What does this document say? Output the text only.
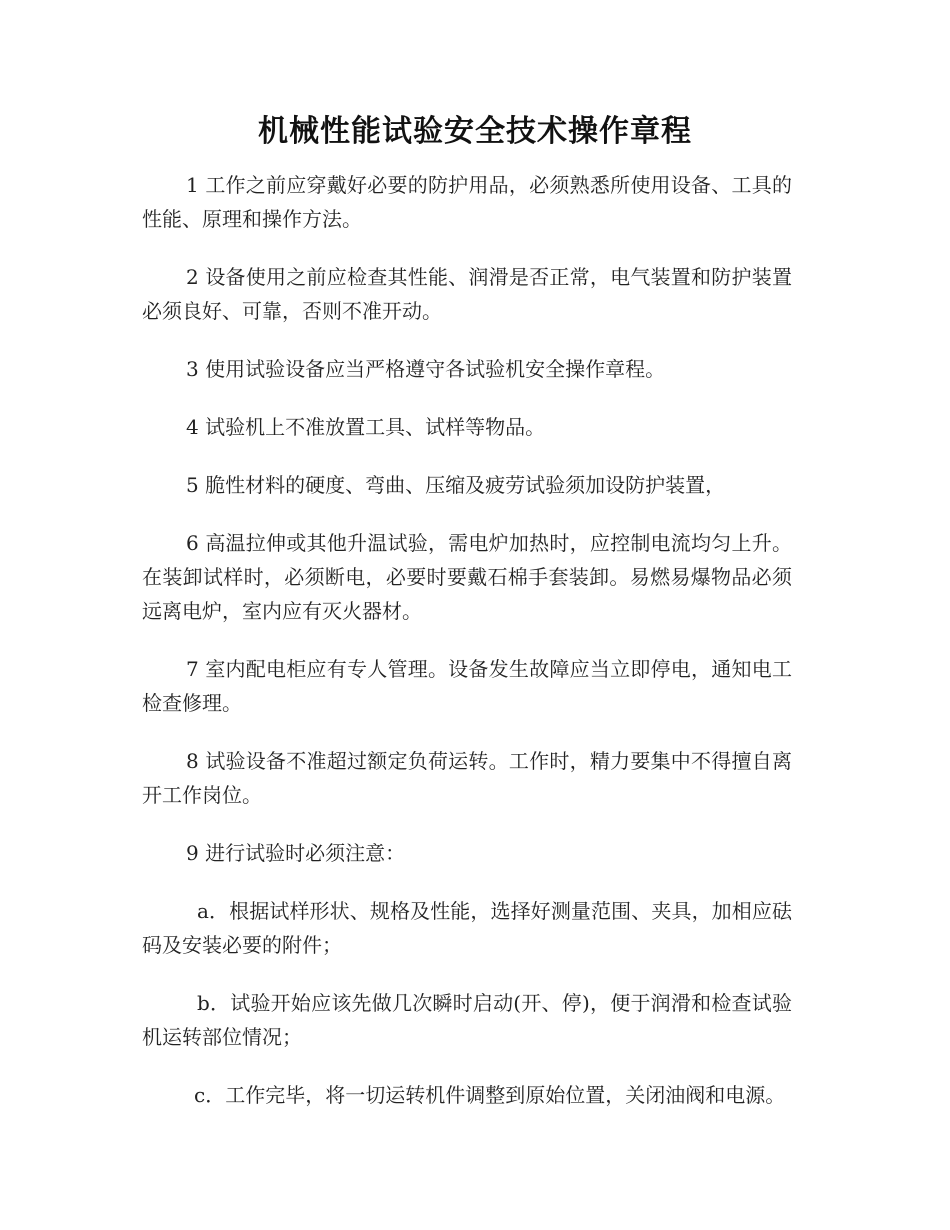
机械性能试验安全技术操作章程

1 工作之前应穿戴好必要的防护用品，必须熟悉所使用设备、工具的性能、原理和操作方法。

2 设备使用之前应检查其性能、润滑是否正常，电气装置和防护装置必须良好、可靠，否则不准开动。

3 使用试验设备应当严格遵守各试验机安全操作章程。

4 试验机上不准放置工具、试样等物品。

5 脆性材料的硬度、弯曲、压缩及疲劳试验须加设防护装置，

6 高温拉伸或其他升温试验，需电炉加热时，应控制电流均匀上升。在装卸试样时，必须断电，必要时要戴石棉手套装卸。易燃易爆物品必须远离电炉，室内应有灭火器材。

7 室内配电柜应有专人管理。设备发生故障应当立即停电，通知电工检查修理。

8 试验设备不准超过额定负荷运转。工作时，精力要集中不得擅自离开工作岗位。

9 进行试验时必须注意：

a．根据试样形状、规格及性能，选择好测量范围、夹具，加相应砝码及安装必要的附件；

b．试验开始应该先做几次瞬时启动(开、停)，便于润滑和检查试验机运转部位情况；

c．工作完毕，将一切运转机件调整到原始位置，关闭油阀和电源。
